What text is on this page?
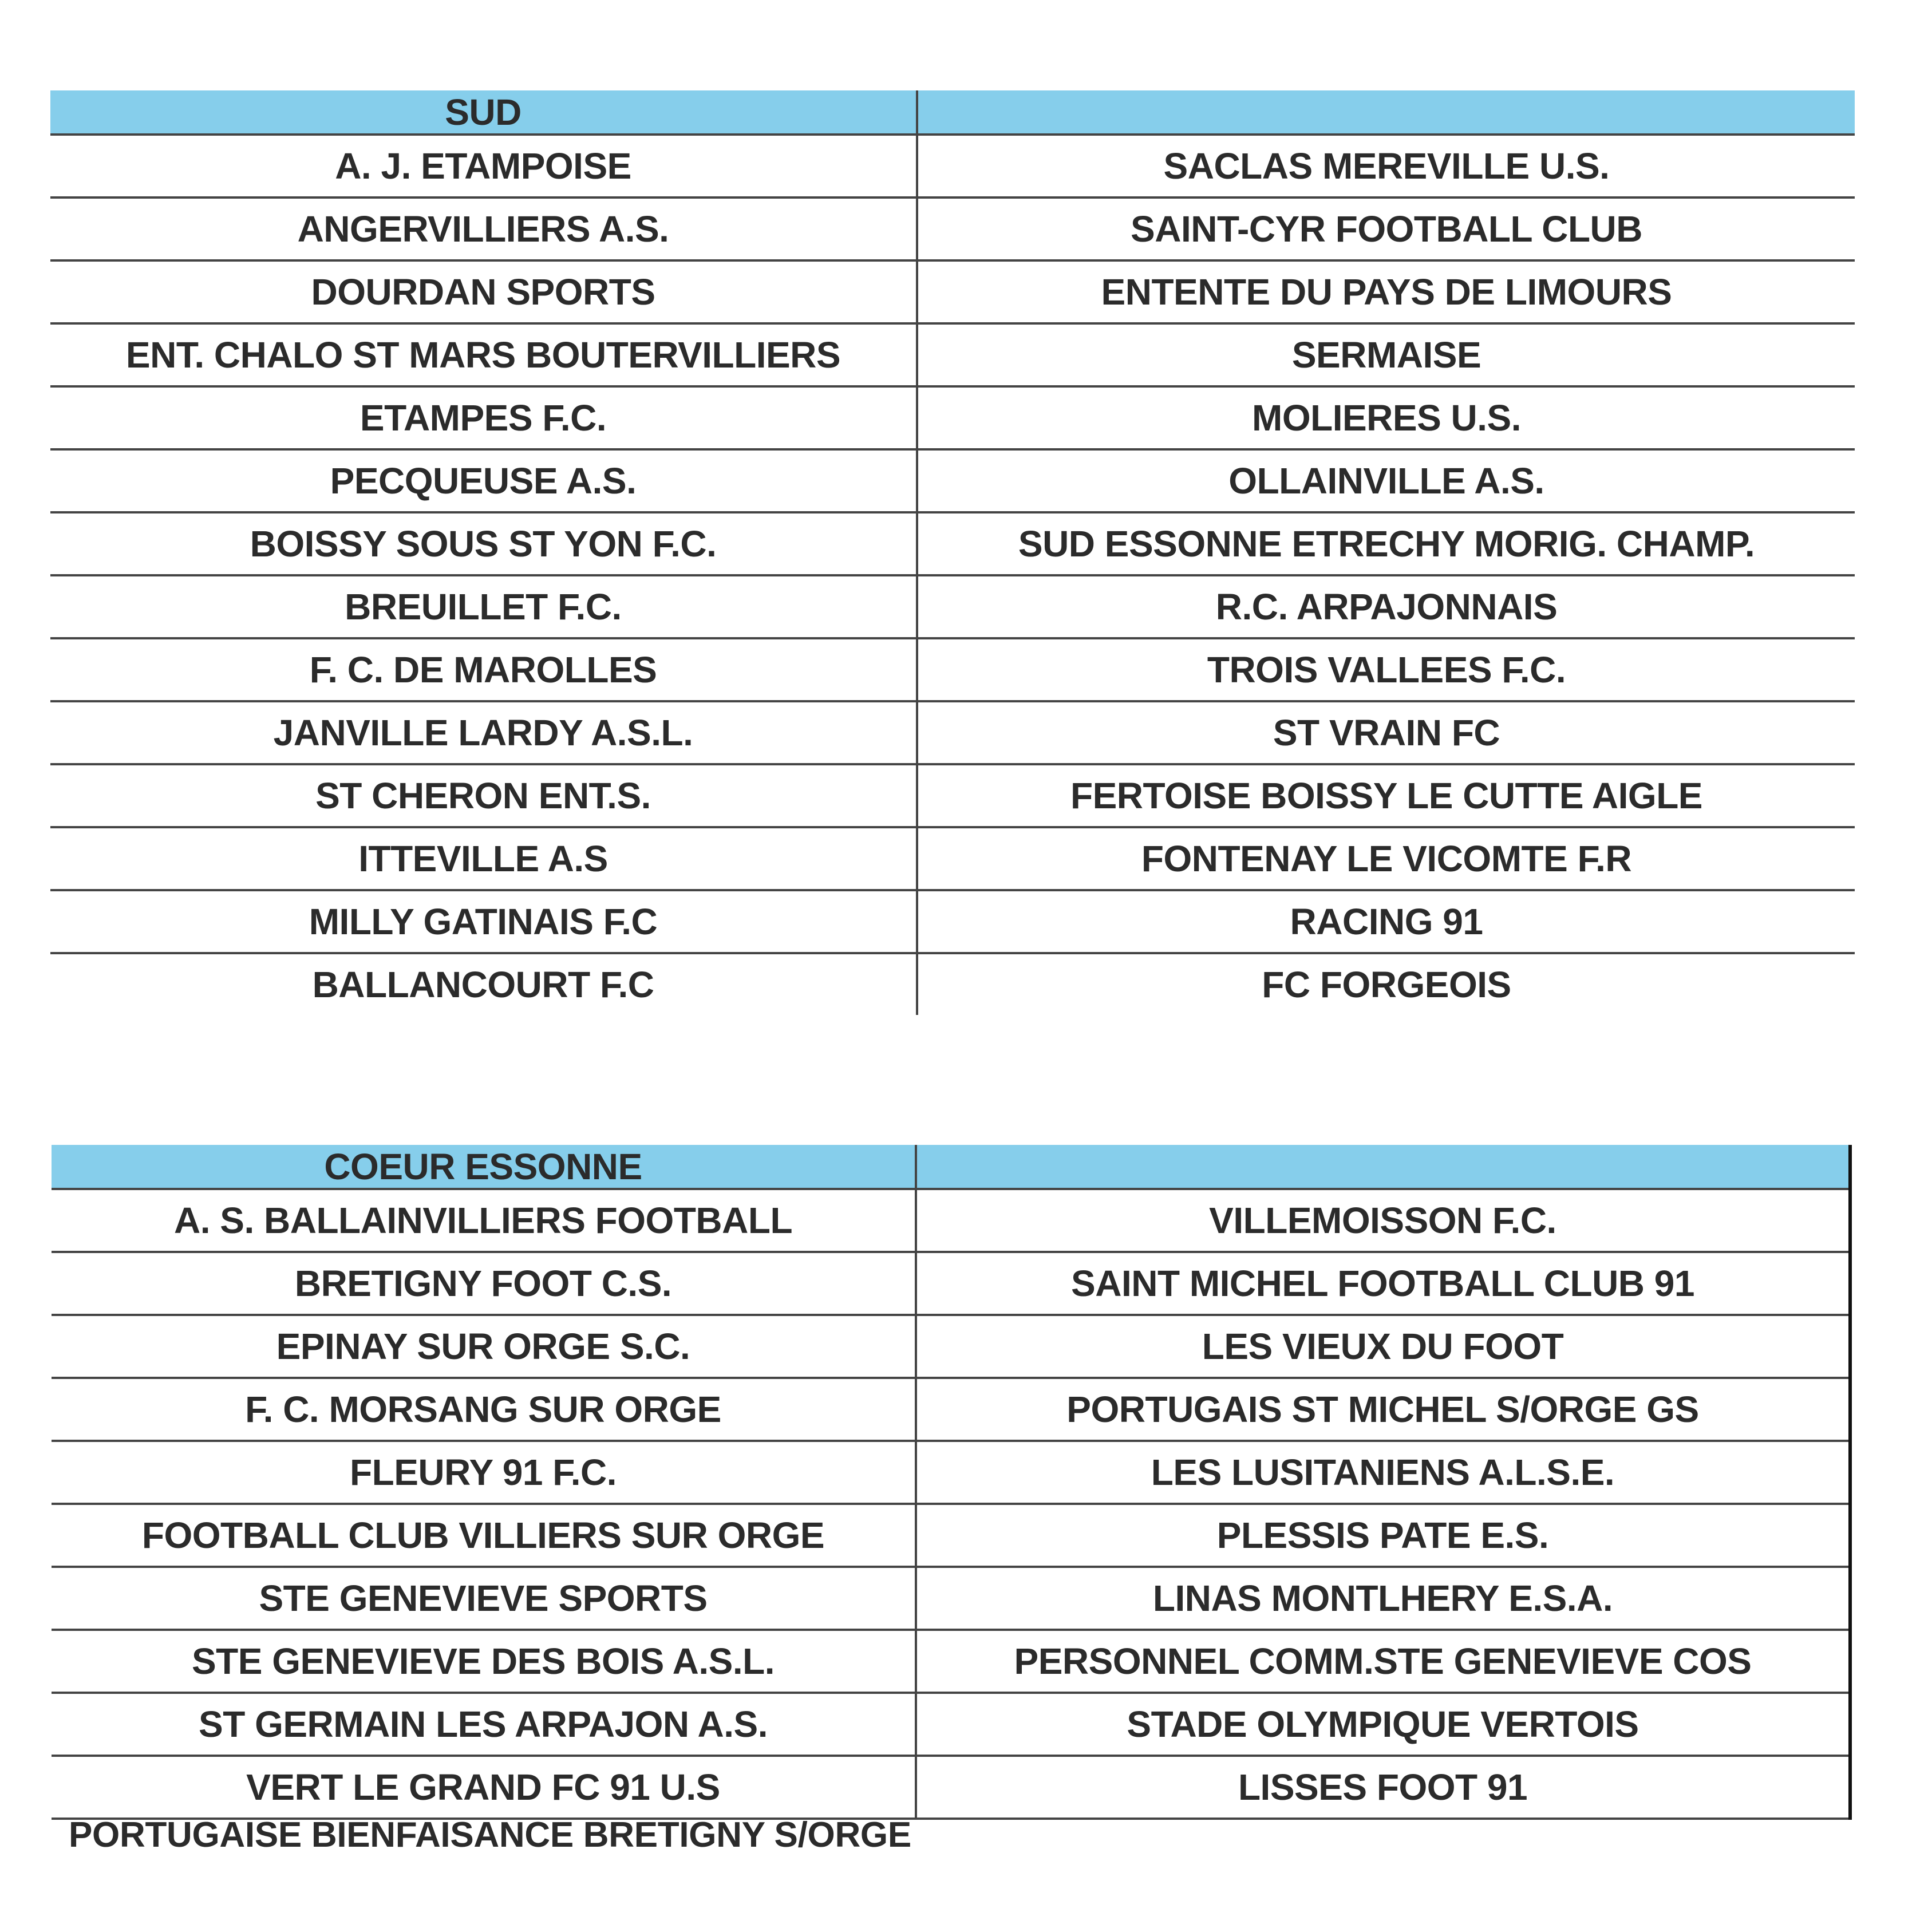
SUD	
A. J. ETAMPOISE	SACLAS MEREVILLE U.S.
ANGERVILLIERS A.S.	SAINT-CYR FOOTBALL CLUB
DOURDAN SPORTS	ENTENTE DU PAYS DE LIMOURS
ENT. CHALO ST MARS BOUTERVILLIERS	SERMAISE
ETAMPES F.C.	MOLIERES U.S.
PECQUEUSE A.S.	OLLAINVILLE A.S.
BOISSY SOUS ST YON F.C.	SUD ESSONNE ETRECHY MORIG. CHAMP.
BREUILLET F.C.	R.C. ARPAJONNAIS
F. C. DE MAROLLES	TROIS VALLEES F.C.
JANVILLE LARDY A.S.L.	ST VRAIN FC
ST CHERON ENT.S.	FERTOISE BOISSY LE CUTTE AIGLE
ITTEVILLE A.S	FONTENAY LE VICOMTE F.R
MILLY GATINAIS F.C	RACING 91
BALLANCOURT F.C	FC FORGEOIS
COEUR ESSONNE	
A. S. BALLAINVILLIERS FOOTBALL	VILLEMOISSON F.C.
BRETIGNY FOOT C.S.	SAINT MICHEL FOOTBALL CLUB 91
EPINAY SUR ORGE S.C.	LES VIEUX DU FOOT
F. C. MORSANG SUR ORGE	PORTUGAIS ST MICHEL S/ORGE GS
FLEURY 91 F.C.	LES LUSITANIENS A.L.S.E.
FOOTBALL CLUB VILLIERS SUR ORGE	PLESSIS PATE E.S.
STE GENEVIEVE SPORTS	LINAS MONTLHERY E.S.A.
STE GENEVIEVE DES BOIS A.S.L.	PERSONNEL COMM.STE GENEVIEVE COS
ST GERMAIN LES ARPAJON A.S.	STADE OLYMPIQUE VERTOIS
VERT LE GRAND FC 91 U.S	LISSES FOOT 91
PORTUGAISE BIENFAISANCE BRETIGNY S/ORGE
